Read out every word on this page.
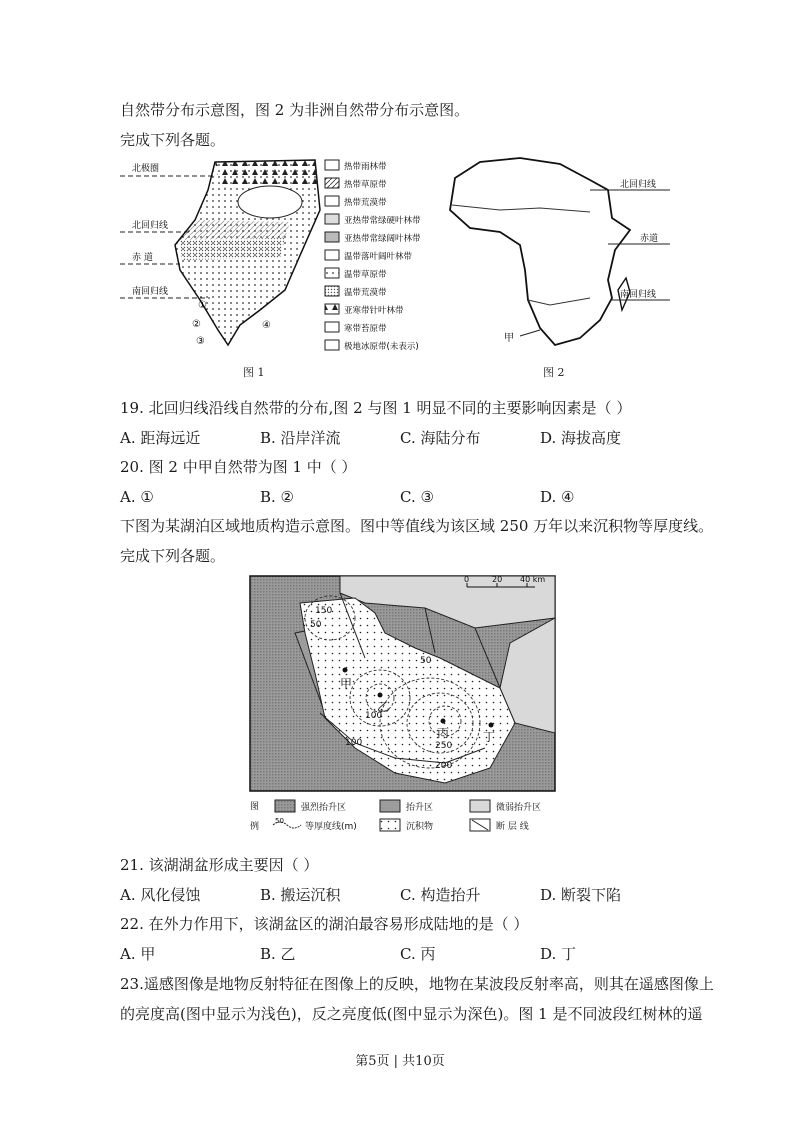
自然带分布示意图，图 2 为非洲自然带分布示意图。
完成下列各题。
北极圈
北回归线
赤 道
南回归线
①
②
③
④
热带雨林带
热带草原带
热带荒漠带
亚热带常绿硬叶林带
亚热带常绿阔叶林带
温带落叶阔叶林带
温带草原带
温带荒漠带
亚寒带针叶林带
寒带苔原带
极地冰原带(未表示)
图 1
北回归线
赤道
南回归线
甲
图 2
19. 北回归线沿线自然带的分布,图 2 与图 1 明显不同的主要影响因素是（ ）
A. 距海远近	B. 沿岸洋流	C. 海陆分布	D. 海拔高度
20. 图 2 中甲自然带为图 1 中（ ）
A. ①	B. ②	C. ③	D. ④
下图为某湖泊区域地质构造示意图。图中等值线为该区域 250 万年以来沉积物等厚度线。
完成下列各题。
150
50
50
100
250
200
100
甲
乙
丙	丁
0	20 40 km
图
例
强烈抬升区	抬升区	微弱抬升区
50
等厚度线(m)	沉积物	断 层 线
21. 该湖湖盆形成主要因（ ）
A. 风化侵蚀	B. 搬运沉积	C. 构造抬升	D. 断裂下陷
22. 在外力作用下，该湖盆区的湖泊最容易形成陆地的是（ ）
A. 甲	B. 乙	C. 丙	D. 丁
23.遥感图像是地物反射特征在图像上的反映，地物在某波段反射率高，则其在遥感图像上
的亮度高(图中显示为浅色)，反之亮度低(图中显示为深色)。图 1 是不同波段红树林的遥
第5页 | 共10页
